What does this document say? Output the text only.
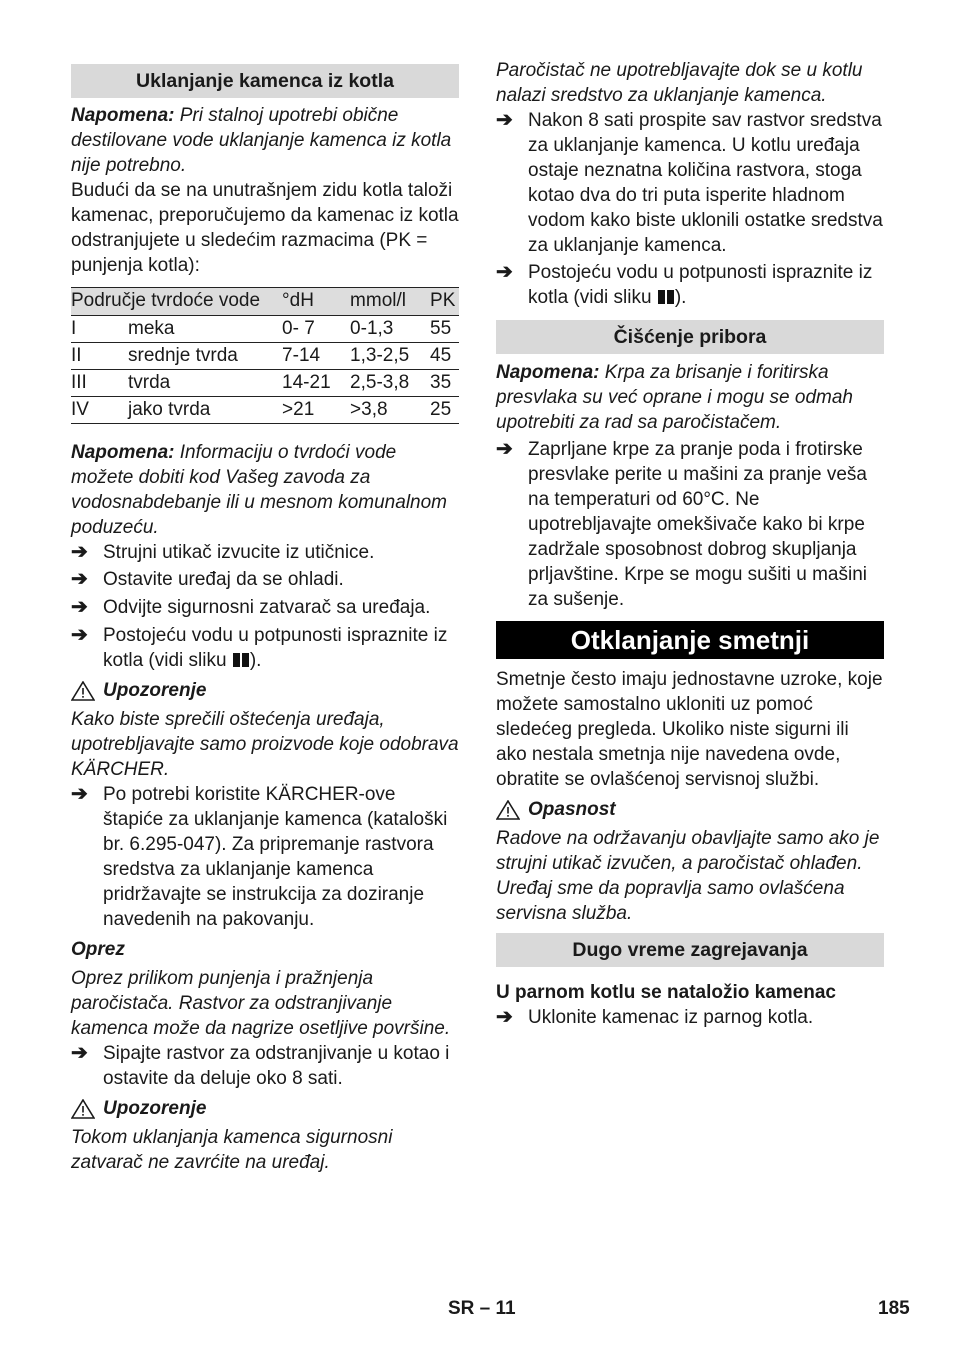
Uklanjanje kamenca iz kotla

Napomena: Pri stalnoj upotrebi obične destilovane vode uklanjanje kamenca iz kotla nije potrebno.

Budući da se na unutrašnjem zidu kotla taloži kamenac, preporučujemo da kamenac iz kotla odstranjujete u sledećim razmacima (PK = punjenja kotla):

Područje tvrdoće vode		°dH	mmol/l	PK
I	meka	0- 7	0-1,3	55
II	srednje tvrda	7-14	1,3-2,5	45
III	tvrda	14-21	2,5-3,8	35
IV	jako tvrda	>21	>3,8	25

Napomena: Informaciju o tvrdoći vode možete dobiti kod Vašeg zavoda za vodosnabdebanje ili u mesnom komunalnom poduzeću.

➔ Strujni utikač izvucite iz utičnice.
➔ Ostavite uređaj da se ohladi.
➔ Odvijte sigurnosni zatvarač sa uređaja.
➔ Postojeću vodu u potpunosti ispraznite iz kotla (vidi sliku ).
Upozorenje

Kako biste sprečili oštećenja uređaja, upotrebljavajte samo proizvode koje odobrava KÄRCHER.

➔ Po potrebi koristite KÄRCHER-ove štapiće za uklanjanje kamenca (kataloški br. 6.295-047). Za pripremanje rastvora sredstva za uklanjanje kamenca pridržavajte se instrukcija za doziranje navedenih na pakovanju.

Oprez

Oprez prilikom punjenja i pražnjenja paročistača. Rastvor za odstranjivanje kamenca može da nagrize osetljive površine.

➔ Sipajte rastvor za odstranjivanje u kotao i ostavite da deluje oko 8 sati.
Upozorenje

Tokom uklanjanja kamenca sigurnosni zatvarač ne zavrćite na uređaj.

Paročistač ne upotrebljavajte dok se u kotlu nalazi sredstvo za uklanjanje kamenca.

➔ Nakon 8 sati prospite sav rastvor sredstva za uklanjanje kamenca. U kotlu uređaja ostaje neznatna količina rastvora, stoga kotao dva do tri puta isperite hladnom vodom kako biste uklonili ostatke sredstva za uklanjanje kamenca.
➔ Postojeću vodu u potpunosti ispraznite iz kotla (vidi sliku ).
Čišćenje pribora

Napomena: Krpa za brisanje i foritirska presvlaka su već oprane i mogu se odmah upotrebiti za rad sa paročistačem.

➔ Zaprljane krpe za pranje poda i frotirske presvlake perite u mašini za pranje veša na temperaturi od 60°C. Ne upotrebljavajte omekšivače kako bi krpe zadržale sposobnost dobrog skupljanja prljavštine. Krpe se mogu sušiti u mašini za sušenje.
Otklanjanje smetnji

Smetnje često imaju jednostavne uzroke, koje možete samostalno ukloniti uz pomoć sledećeg pregleda. Ukoliko niste sigurni ili ako nestala smetnja nije navedena ovde, obratite se ovlašćenoj servisnoj službi.

Opasnost

Radove na održavanju obavljajte samo ako je strujni utikač izvučen, a paročistač ohlađen.

Uređaj sme da popravlja samo ovlašćena servisna služba.

Dugo vreme zagrejavanja

U parnom kotlu se nataložio kamenac

➔ Uklonite kamenac iz parnog kotla.
SR – 11	185
